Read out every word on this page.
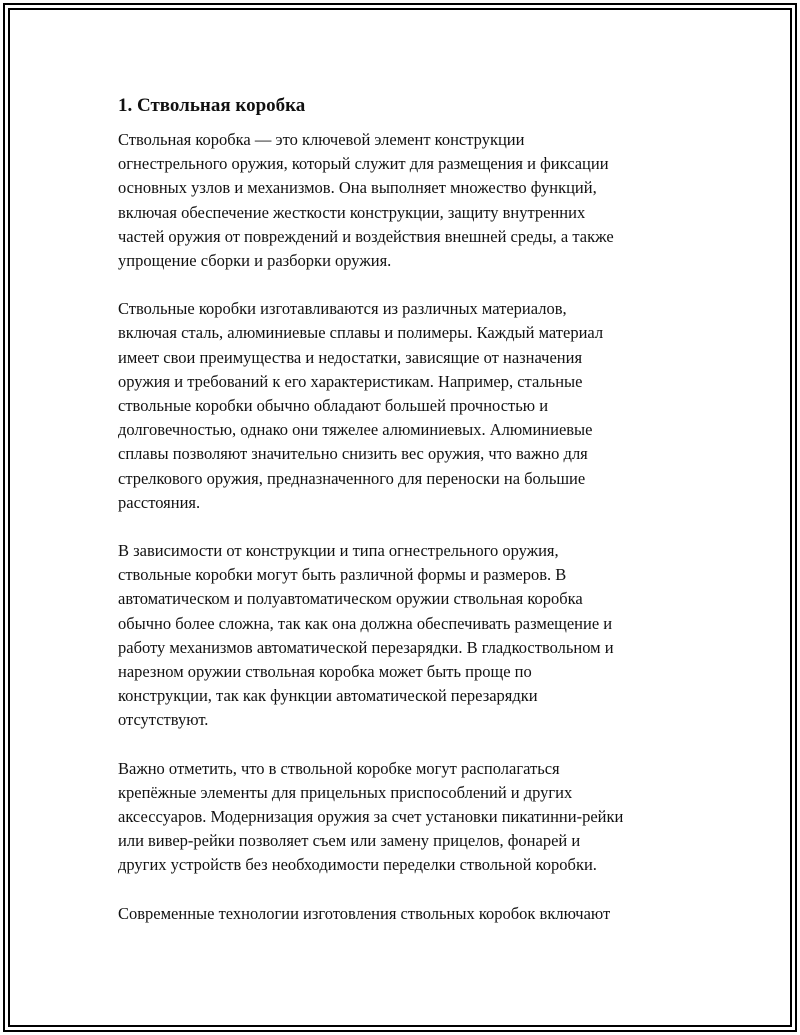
1. Ствольная коробка

Ствольная коробка — это ключевой элемент конструкции
огнестрельного оружия, который служит для размещения и фиксации
основных узлов и механизмов. Она выполняет множество функций,
включая обеспечение жесткости конструкции, защиту внутренних
частей оружия от повреждений и воздействия внешней среды, а также
упрощение сборки и разборки оружия.

Ствольные коробки изготавливаются из различных материалов,
включая сталь, алюминиевые сплавы и полимеры. Каждый материал
имеет свои преимущества и недостатки, зависящие от назначения
оружия и требований к его характеристикам. Например, стальные
ствольные коробки обычно обладают большей прочностью и
долговечностью, однако они тяжелее алюминиевых. Алюминиевые
сплавы позволяют значительно снизить вес оружия, что важно для
стрелкового оружия, предназначенного для переноски на большие
расстояния.

В зависимости от конструкции и типа огнестрельного оружия,
ствольные коробки могут быть различной формы и размеров. В
автоматическом и полуавтоматическом оружии ствольная коробка
обычно более сложна, так как она должна обеспечивать размещение и
работу механизмов автоматической перезарядки. В гладкоствольном и
нарезном оружии ствольная коробка может быть проще по
конструкции, так как функции автоматической перезарядки
отсутствуют.

Важно отметить, что в ствольной коробке могут располагаться
крепёжные элементы для прицельных приспособлений и других
аксессуаров. Модернизация оружия за счет установки пикатинни-рейки
или вивер-рейки позволяет съем или замену прицелов, фонарей и
других устройств без необходимости переделки ствольной коробки.

Современные технологии изготовления ствольных коробок включают
